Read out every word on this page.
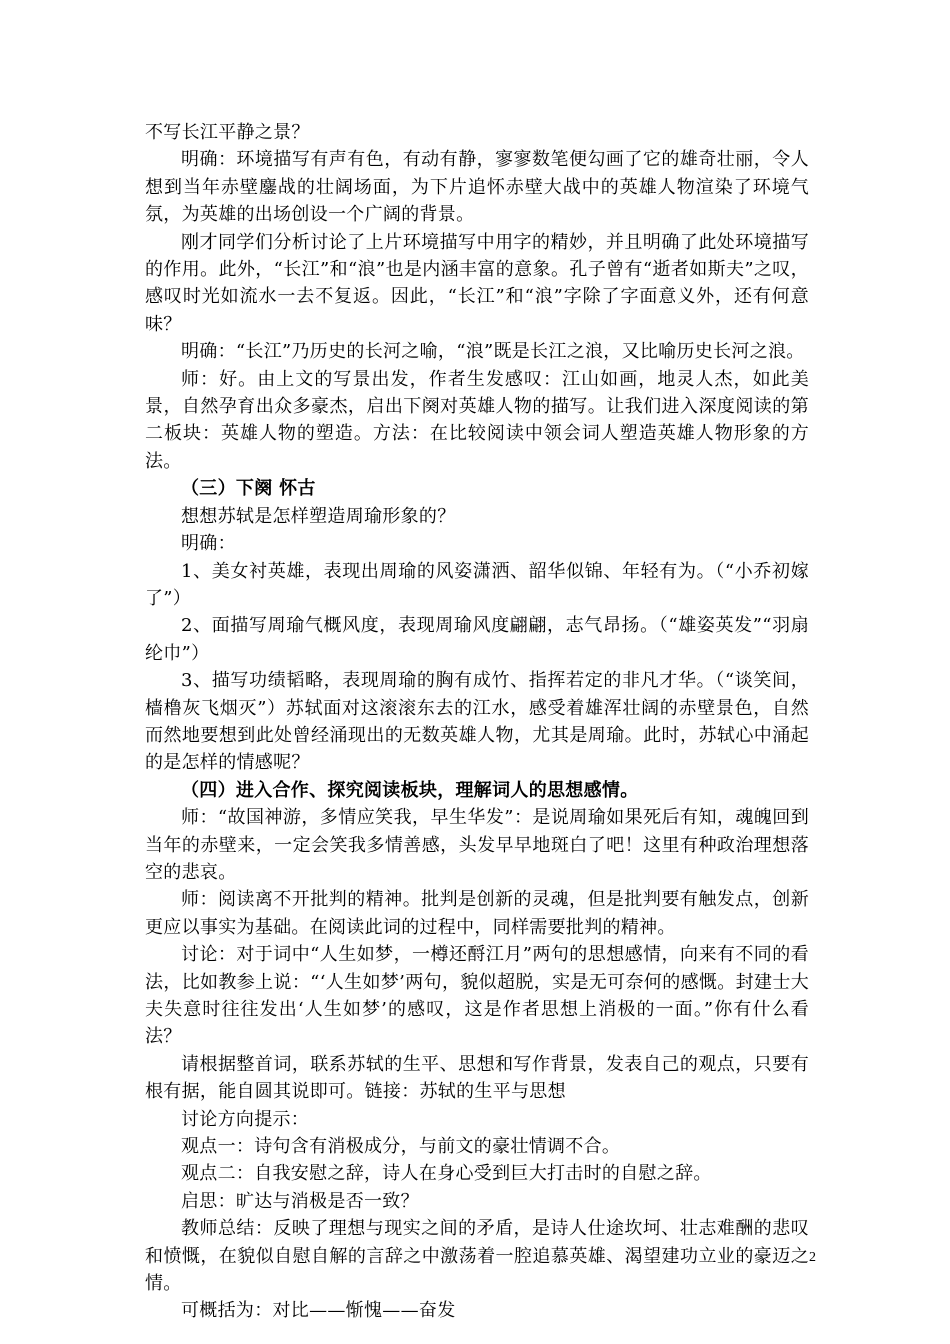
不写长江平静之景？

明确：环境描写有声有色，有动有静，寥寥数笔便勾画了它的雄奇壮丽，令人想到当年赤壁鏖战的壮阔场面，为下片追怀赤壁大战中的英雄人物渲染了环境气氛，为英雄的出场创设一个广阔的背景。

刚才同学们分析讨论了上片环境描写中用字的精妙，并且明确了此处环境描写的作用。此外，“长江”和“浪”也是内涵丰富的意象。孔子曾有“逝者如斯夫”之叹，感叹时光如流水一去不复返。因此，“长江”和“浪”字除了字面意义外，还有何意味？

明确：“长江”乃历史的长河之喻，“浪”既是长江之浪，又比喻历史长河之浪。

师：好。由上文的写景出发，作者生发感叹：江山如画，地灵人杰，如此美景，自然孕育出众多豪杰，启出下阕对英雄人物的描写。让我们进入深度阅读的第二板块：英雄人物的塑造。方法：在比较阅读中领会词人塑造英雄人物形象的方法。

（三）下阕 怀古

想想苏轼是怎样塑造周瑜形象的？

明确：

1、美女衬英雄，表现出周瑜的风姿潇洒、韶华似锦、年轻有为。（“小乔初嫁了”）

2、面描写周瑜气概风度，表现周瑜风度翩翩，志气昂扬。（“雄姿英发”“羽扇纶巾”）

3、描写功绩韬略，表现周瑜的胸有成竹、指挥若定的非凡才华。（“谈笑间，樯橹灰飞烟灭”）苏轼面对这滚滚东去的江水，感受着雄浑壮阔的赤壁景色，自然而然地要想到此处曾经涌现出的无数英雄人物，尤其是周瑜。此时，苏轼心中涌起的是怎样的情感呢？

（四）进入合作、探究阅读板块，理解词人的思想感情。

师：“故国神游，多情应笑我，早生华发”：是说周瑜如果死后有知，魂魄回到当年的赤壁来，一定会笑我多情善感，头发早早地斑白了吧！这里有种政治理想落空的悲哀。

师：阅读离不开批判的精神。批判是创新的灵魂，但是批判要有触发点，创新更应以事实为基础。在阅读此词的过程中，同样需要批判的精神。

讨论：对于词中“人生如梦，一樽还酹江月”两句的思想感情，向来有不同的看法，比如教参上说：“‘人生如梦’两句，貌似超脱，实是无可奈何的感慨。封建士大夫失意时往往发出‘人生如梦’的感叹，这是作者思想上消极的一面。”你有什么看法？

请根据整首词，联系苏轼的生平、思想和写作背景，发表自己的观点，只要有根有据，能自圆其说即可。链接：苏轼的生平与思想

讨论方向提示：

观点一：诗句含有消极成分，与前文的豪壮情调不合。

观点二：自我安慰之辞，诗人在身心受到巨大打击时的自慰之辞。

启思：旷达与消极是否一致？

教师总结：反映了理想与现实之间的矛盾，是诗人仕途坎坷、壮志难酬的悲叹和愤慨，在貌似自慰自解的言辞之中激荡着一腔追慕英雄、渴望建功立业的豪迈之情。

可概括为：对比——惭愧——奋发

2
